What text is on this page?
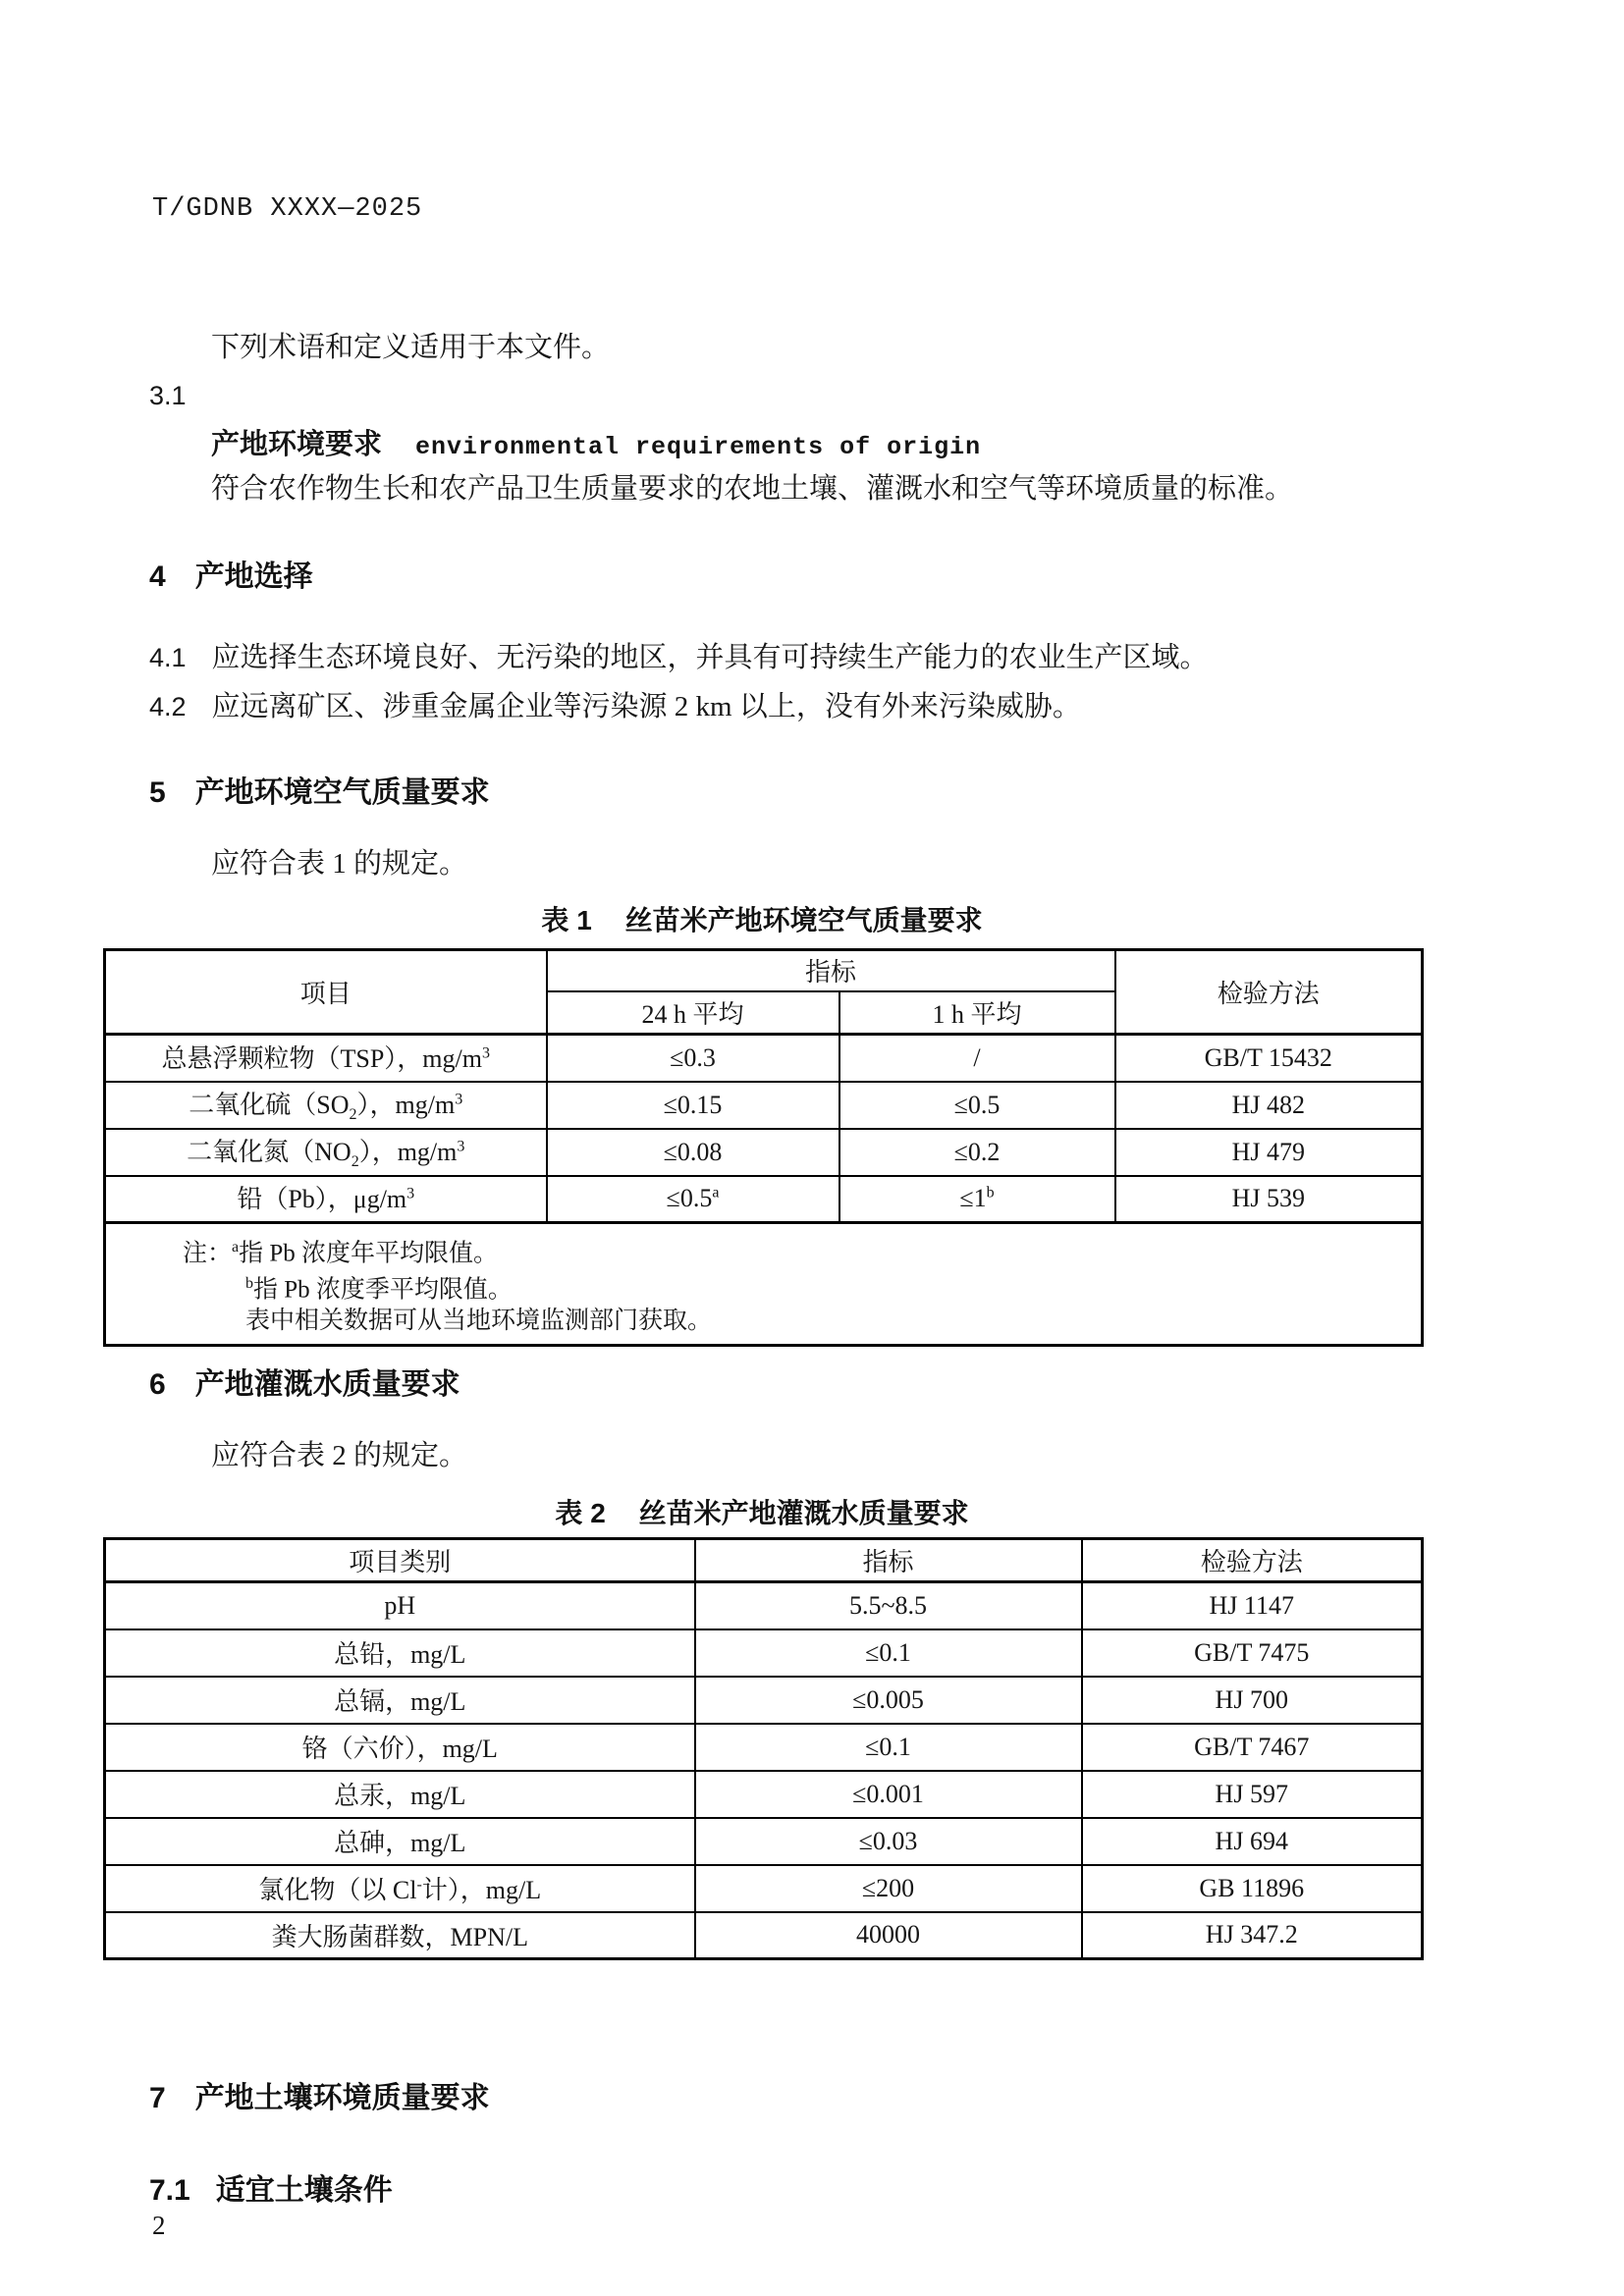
T/GDNB XXXX—2025
下列术语和定义适用于本文件。
3.1
产地环境要求 environmental requirements of origin
符合农作物生长和农产品卫生质量要求的农地土壤、灌溉水和空气等环境质量的标准。
4 产地选择
4.1 应选择生态环境良好、无污染的地区，并具有可持续生产能力的农业生产区域。
4.2 应远离矿区、涉重金属企业等污染源 2 km 以上，没有外来污染威胁。
5 产地环境空气质量要求
应符合表 1 的规定。
表 1 丝苗米产地环境空气质量要求
项目	指标		检验方法
	24 h 平均	1 h 平均	
总悬浮颗粒物（TSP），$mg/m^3$	≤0.3	/	GB/T 15432
二氧化硫$(SO_2)$，$mg/m^3$	≤0.15	≤0.5	HJ 482
二氧化氮$(NO_2)$，$mg/m^3$	≤0.08	≤0.2	HJ 479
铅（Pb），$\mu g/m^3$	≤0.5$^a$	$\le 1^b$	HJ 539

注：$^a$指 Pb 浓度年平均限值。
$^b$指 Pb 浓度季平均限值。
表中相关数据可从当地环境监测部门获取。			
6 产地灌溉水质量要求
应符合表 2 的规定。
表 2 丝苗米产地灌溉水质量要求
项目类别	指标	检验方法
pH	5.5~8.5	HJ 1147
总铅，mg/L	≤0.1	GB/T 7475
总镉，mg/L	≤0.005	HJ 700
铬（六价），mg/L	≤0.1	GB/T 7467
总汞，mg/L	≤0.001	HJ 597
总砷，mg/L	≤0.03	HJ 694
氯化物（以 Cl-计），mg/L	≤200	GB 11896
粪大肠菌群数，MPN/L	40000	HJ 347.2
7 产地土壤环境质量要求
7.1 适宜土壤条件
2
